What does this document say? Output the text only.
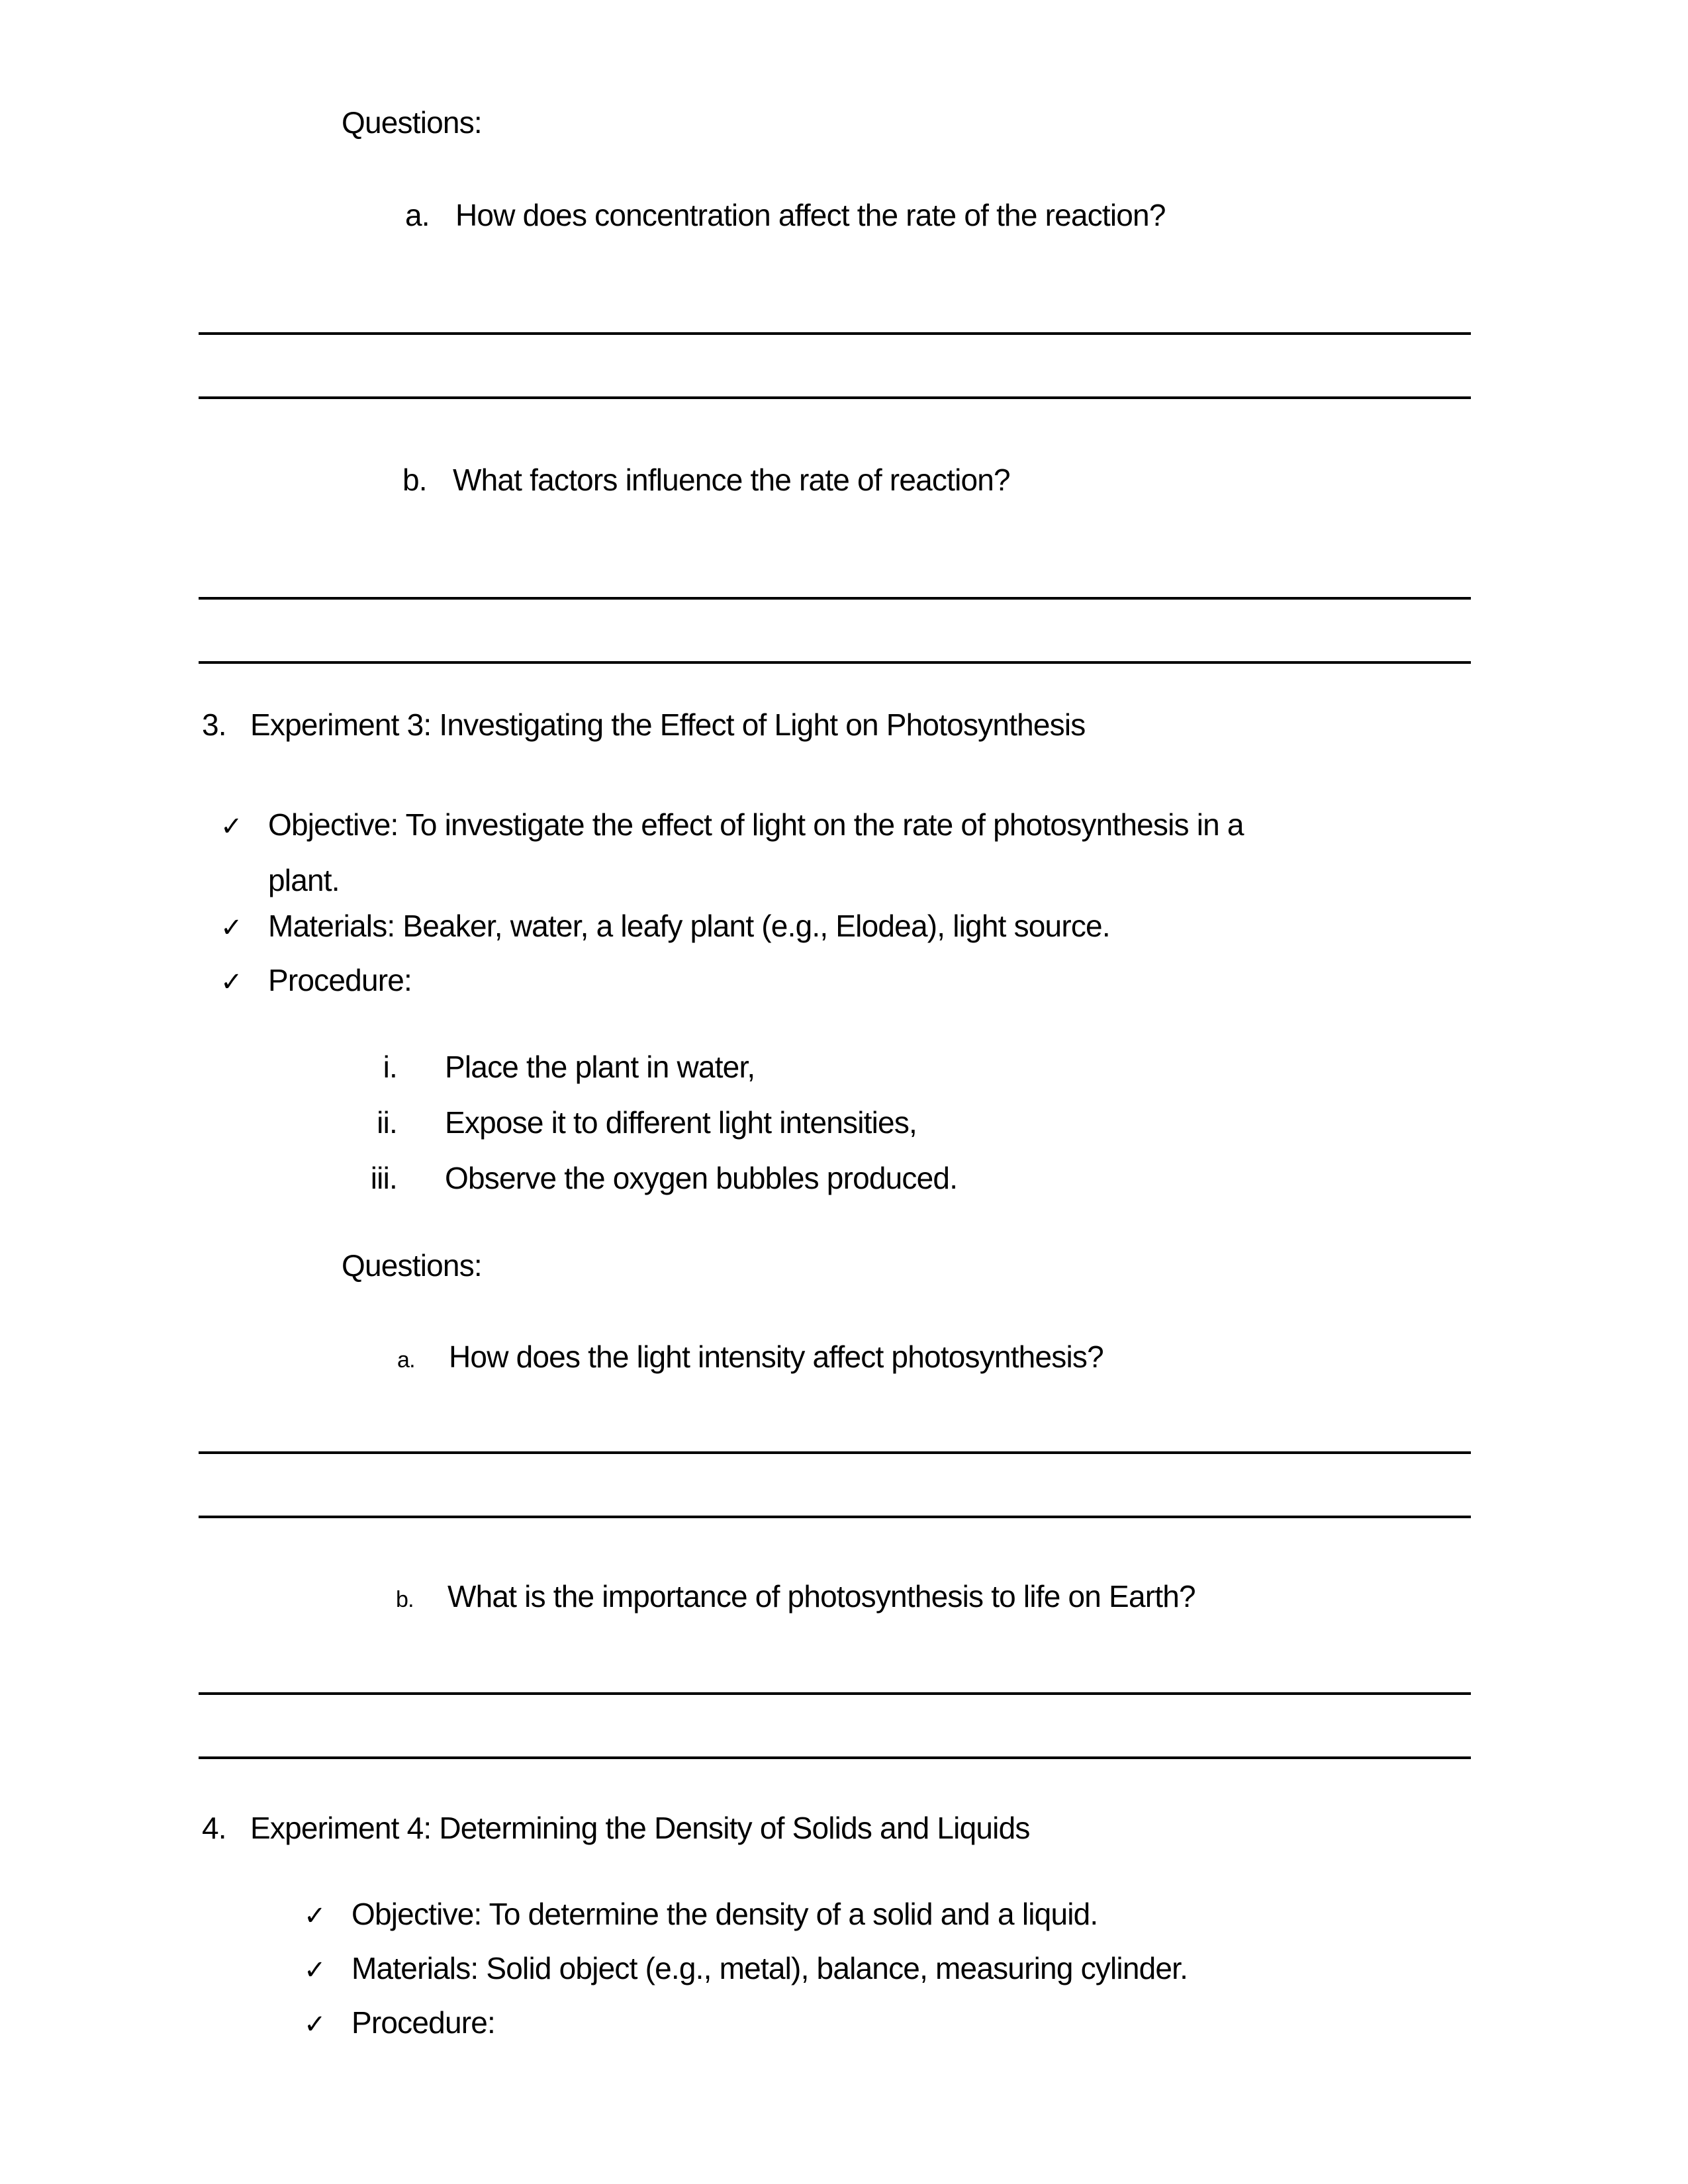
Questions:
a. How does concentration affect the rate of the reaction?
b. What factors influence the rate of reaction?
3. Experiment 3: Investigating the Effect of Light on Photosynthesis
✓ Objective: To investigate the effect of light on the rate of photosynthesis in a
plant.
✓ Materials: Beaker, water, a leafy plant (e.g., Elodea), light source.
✓ Procedure:
i. Place the plant in water,
ii. Expose it to different light intensities,
iii. Observe the oxygen bubbles produced.
Questions:
a. How does the light intensity affect photosynthesis?
b. What is the importance of photosynthesis to life on Earth?
4. Experiment 4: Determining the Density of Solids and Liquids
✓ Objective: To determine the density of a solid and a liquid.
✓ Materials: Solid object (e.g., metal), balance, measuring cylinder.
✓ Procedure:
